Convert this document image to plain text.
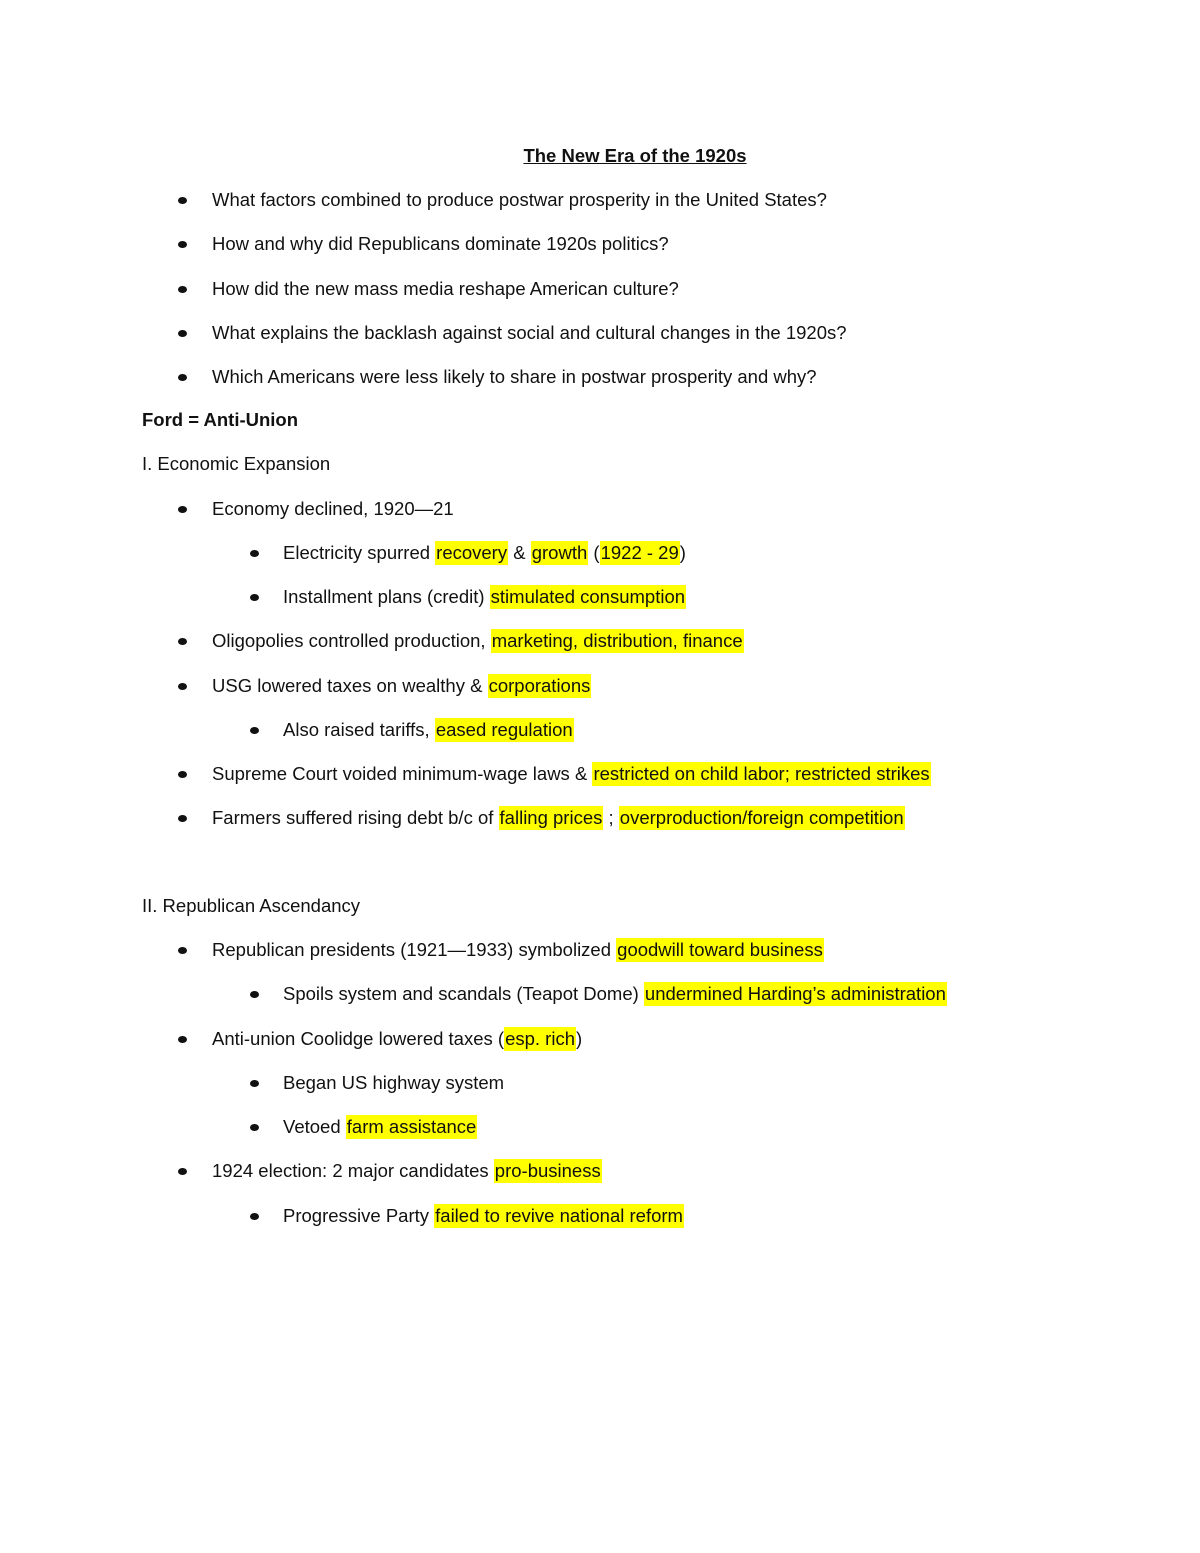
The New Era of the 1920s
What factors combined to produce postwar prosperity in the United States?
How and why did Republicans dominate 1920s politics?
How did the new mass media reshape American culture?
What explains the backlash against social and cultural changes in the 1920s?
Which Americans were less likely to share in postwar prosperity and why?
Ford = Anti-Union
I. Economic Expansion
Economy declined, 1920—21
Electricity spurred recovery & growth (1922 - 29)
Installment plans (credit) stimulated consumption
Oligopolies controlled production, marketing, distribution, finance
USG lowered taxes on wealthy & corporations
Also raised tariffs, eased regulation
Supreme Court voided minimum-wage laws & restricted on child labor; restricted strikes
Farmers suffered rising debt b/c of falling prices ; overproduction/foreign competition
II. Republican Ascendancy
Republican presidents (1921—1933) symbolized goodwill toward business
Spoils system and scandals (Teapot Dome) undermined Harding’s administration
Anti-union Coolidge lowered taxes (esp. rich)
Began US highway system
Vetoed farm assistance
1924 election: 2 major candidates pro-business
Progressive Party failed to revive national reform
